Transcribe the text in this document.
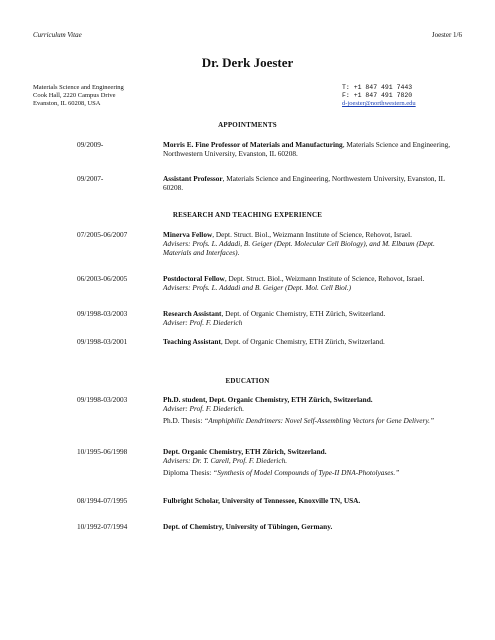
Curriculum Vitae	Joester 1/6
Dr. Derk Joester
Materials Science and Engineering
Cook Hall, 2220 Campus Drive
Evanston, IL 60208, USA
T: +1 847 491 7443
F: +1 847 491 7820
d-joester@northwestern.edu
APPOINTMENTS
09/2009-	Morris E. Fine Professor of Materials and Manufacturing, Materials Science and Engineering, Northwestern University, Evanston, IL 60208.
09/2007-	Assistant Professor, Materials Science and Engineering, Northwestern University, Evanston, IL 60208.
RESEARCH AND TEACHING EXPERIENCE
07/2005-06/2007	Minerva Fellow, Dept. Struct. Biol., Weizmann Institute of Science, Rehovot, Israel.
Advisers: Profs. L. Addadi, B. Geiger (Dept. Molecular Cell Biology), and M. Elbaum (Dept. Materials and Interfaces).
06/2003-06/2005	Postdoctoral Fellow, Dept. Struct. Biol., Weizmann Institute of Science, Rehovot, Israel.
Advisers: Profs. L. Addadi and B. Geiger (Dept. Mol. Cell Biol.)
09/1998-03/2003	Research Assistant, Dept. of Organic Chemistry, ETH Zürich, Switzerland.
Adviser: Prof. F. Diederich
09/1998-03/2001	Teaching Assistant, Dept. of Organic Chemistry, ETH Zürich, Switzerland.
EDUCATION
09/1998-03/2003	Ph.D. student, Dept. Organic Chemistry, ETH Zürich, Switzerland.
Adviser: Prof. F. Diederich.
Ph.D. Thesis: “Amphiphilic Dendrimers: Novel Self-Assembling Vectors for Gene Delivery.”
10/1995-06/1998	Dept. Organic Chemistry, ETH Zürich, Switzerland.
Advisers: Dr. T. Carell, Prof. F. Diederich.
Diploma Thesis: “Synthesis of Model Compounds of Type-II DNA-Photolyases.”
08/1994-07/1995	Fulbright Scholar, University of Tennessee, Knoxville TN, USA.
10/1992-07/1994	Dept. of Chemistry, University of Tübingen, Germany.
